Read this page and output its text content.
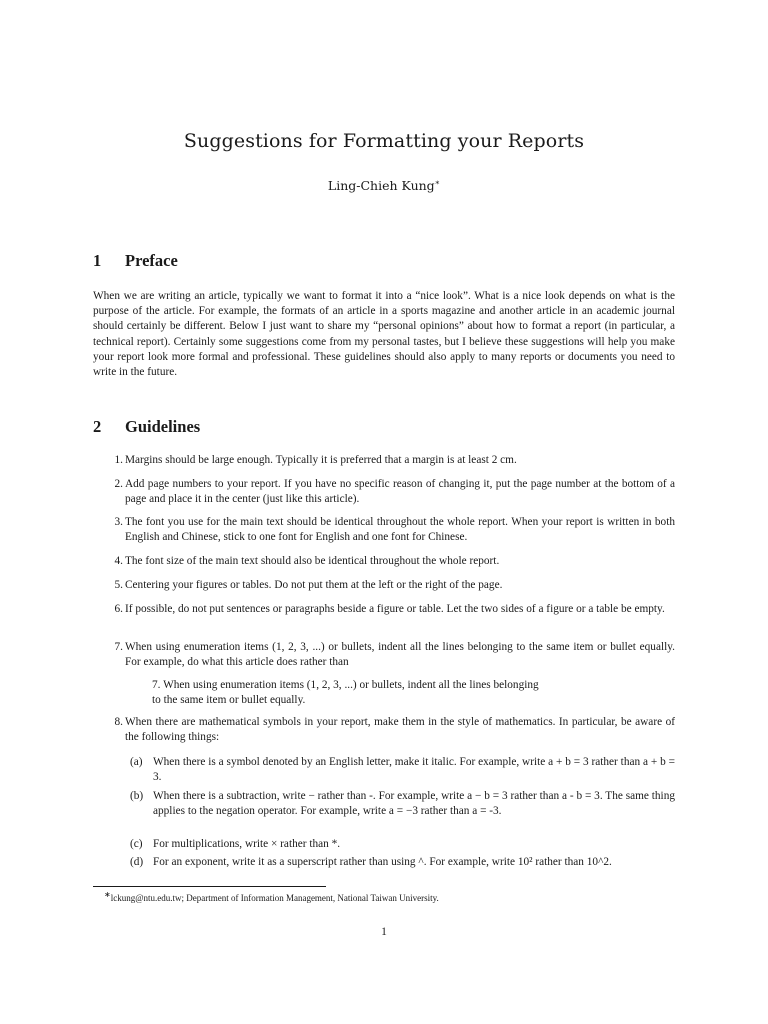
Suggestions for Formatting your Reports
Ling-Chieh Kung∗
1 Preface
When we are writing an article, typically we want to format it into a “nice look”. What is a nice look depends on what is the purpose of the article. For example, the formats of an article in a sports magazine and another article in an academic journal should certainly be different. Below I just want to share my “personal opinions” about how to format a report (in particular, a technical report). Certainly some suggestions come from my personal tastes, but I believe these suggestions will help you make your report look more formal and professional. These guidelines should also apply to many reports or documents you need to write in the future.
2 Guidelines
1. Margins should be large enough. Typically it is preferred that a margin is at least 2 cm.
2. Add page numbers to your report. If you have no specific reason of changing it, put the page number at the bottom of a page and place it in the center (just like this article).
3. The font you use for the main text should be identical throughout the whole report. When your report is written in both English and Chinese, stick to one font for English and one font for Chinese.
4. The font size of the main text should also be identical throughout the whole report.
5. Centering your figures or tables. Do not put them at the left or the right of the page.
6. If possible, do not put sentences or paragraphs beside a figure or table. Let the two sides of a figure or a table be empty.
7. When using enumeration items (1, 2, 3, ...) or bullets, indent all the lines belonging to the same item or bullet equally. For example, do what this article does rather than
7. When using enumeration items (1, 2, 3, ...) or bullets, indent all the lines belonging
to the same item or bullet equally.
8. When there are mathematical symbols in your report, make them in the style of mathematics. In particular, be aware of the following things:
(a) When there is a symbol denoted by an English letter, make it italic. For example, write a + b = 3 rather than a + b = 3.
(b) When there is a subtraction, write − rather than -. For example, write a − b = 3 rather than a - b = 3. The same thing applies to the negation operator. For example, write a = −3 rather than a = -3.
(c) For multiplications, write × rather than *.
(d) For an exponent, write it as a superscript rather than using ^. For example, write 10² rather than 10^2.
∗lckung@ntu.edu.tw; Department of Information Management, National Taiwan University.
1
